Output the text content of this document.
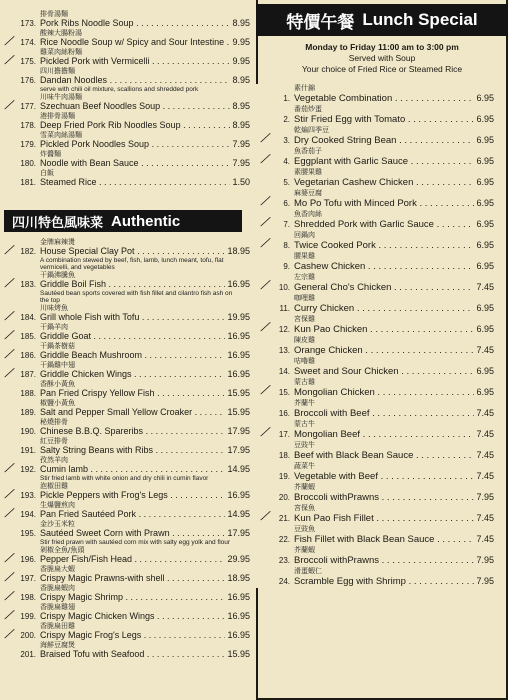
排骨湯麵
173. Pork Ribs Noodle Soup . . .	8.95
╱
酸辣大腸粉湯
174. Rice Noodle Soup w/ Spicy and Sour Intestine . . . 9.95
╱
雞菜肉絲粉麵
175. Pickled Pork with Vermicelli . . .	9.95
四川擔擔麵
176. Dandan Noodles . . .	8.95
serve with chili oil mixture, scallions and shredded pork
╱
川味牛肉湯麵
177. Szechuan Beef Noodles Soup . . .	8.95
港排骨湯麵
178. Deep Fried Pork Rib Noodles Soup . . .	8.95
雪菜肉絲湯麵
179. Pickled Pork Noodles Soup . . .	7.95
炸醬麵
180. Noodle with Bean Sauce . . .	7.95
白飯
181. Steamed Rice . . .	1.50
四川特色風味菜 Authentic
╱
金牌麻辣燙
182. House Special Clay Pot . . .	18.95
A combination stewed by beef, fish, lamb, lunch meant, tofu, flat vermicelli, and vegetables
╱
干鍋沸騰魚
183. Griddle Boil Fish . . .	16.95
Sautéed bean sports covered with fish fillet and cilantro fish ash on the top
╱
川味烤魚
184. Grill whole Fish with Tofu . . .	19.95
╱
干鍋羊肉
185. Griddle Goat . . .	16.95
╱
干鍋茶樹菇
186. Griddle Beach Mushroom . . .	16.95
╱
干鍋雞中翅
187. Griddle Chicken Wings . . .	16.95
香酥小黃魚
188. Pan Fried Crispy Yellow Fish . . .	15.95
椒鹽小黃魚
189. Salt and Pepper Small Yellow Croaker . . .	15.95
秘燒排骨
190. Chinese B.B.Q. Spareribs . . .	17.95
紅豆排骨
191. Salty String Beans with Ribs . . .	17.95
╱
孜然羊肉
192. Cumin lamb . . .	14.95
Stir fried lamb with white onion and dry chili in cumin flavor
╱
泡椒田雞
193. Pickle Peppers with Frog's Legs . . .	16.95
╱
生爆鹽煎肉
194. Pan Fried Sautéed Pork . . .	14.95
金沙玉米粒
195. Sautéed Sweet Corn with Prawn . . .	17.95
Stir fried prawn with sautéed corn mix with salty egg yolk and flour
╱
剁椒全魚/魚頭
196. Pepper Fish/Fish Head . . .	29.95
╱
香脆扁大蝦
197. Crispy Magic Prawns-with shell . . .	18.95
╱
香脆扁蝦肉
198. Crispy Magic Shrimp . . .	16.95
╱
香脆扁雞翅
199. Crispy Magic Chicken Wings . . .	16.95
╱
香脆扁田雞
200. Crispy Magic Frog's Legs . . .	16.95
海鮮豆腐煲
201. Braised Tofu with Seafood . . .	15.95
特價午餐 Lunch Special
Monday to Friday 11:00 am to 3:00 pm
Served with Soup
Your choice of Fried Rice or Steamed Rice
素什錦
1. Vegetable Combination . . .	6.95
番茄炒蛋
2. Stir Fried Egg with Tomato . . .	6.95
╱
乾煸四季豆
3. Dry Cooked String Bean . . .	6.95
╱
魚香茄子
4. Eggplant with Garlic Sauce . . .	6.95
素腰果雞
5. Vegetarian Cashew Chicken . . .	6.95
╱
麻婆豆腐
6. Mo Po Tofu with Minced Pork . . .	6.95
╱
魚香肉絲
7. Shredded Pork with Garlic Sauce . . .	6.95
╱
回鍋肉
8. Twice Cooked Pork . . .	6.95
腰果雞
9. Cashew Chicken . . .	6.95
╱
左宗雞
10. General Cho's Chicken . . .	7.45
咖哩雞
11. Curry Chicken . . .	6.95
╱
宮保雞
12. Kun Pao Chicken . . .	6.95
陳皮雞
13. Orange Chicken . . .	7.45
咕嚕雞
14. Sweet and Sour Chicken . . .	6.95
╱
蒙古雞
15. Mongolian Chicken . . .	6.95
芥蘭牛
16. Broccoli with Beef . . .	7.45
╱
蒙古牛
17. Mongolian Beef . . .	7.45
豆豉牛
18. Beef with Black Bean Sauce . . .	7.45
蔬菜牛
19. Vegetable with Beef . . .	7.45
芥蘭蝦
20. Broccoli withPrawns . . .	7.95
╱
宮保魚
21. Kun Pao Fish Fillet . . .	7.45
豆豉魚
22. Fish Fillet with Black Bean Sauce . . .	7.45
芥蘭蝦
23. Broccoli withPrawns . . .	7.95
滑蛋蝦仁
24. Scramble Egg with Shrimp . . .	7.95
